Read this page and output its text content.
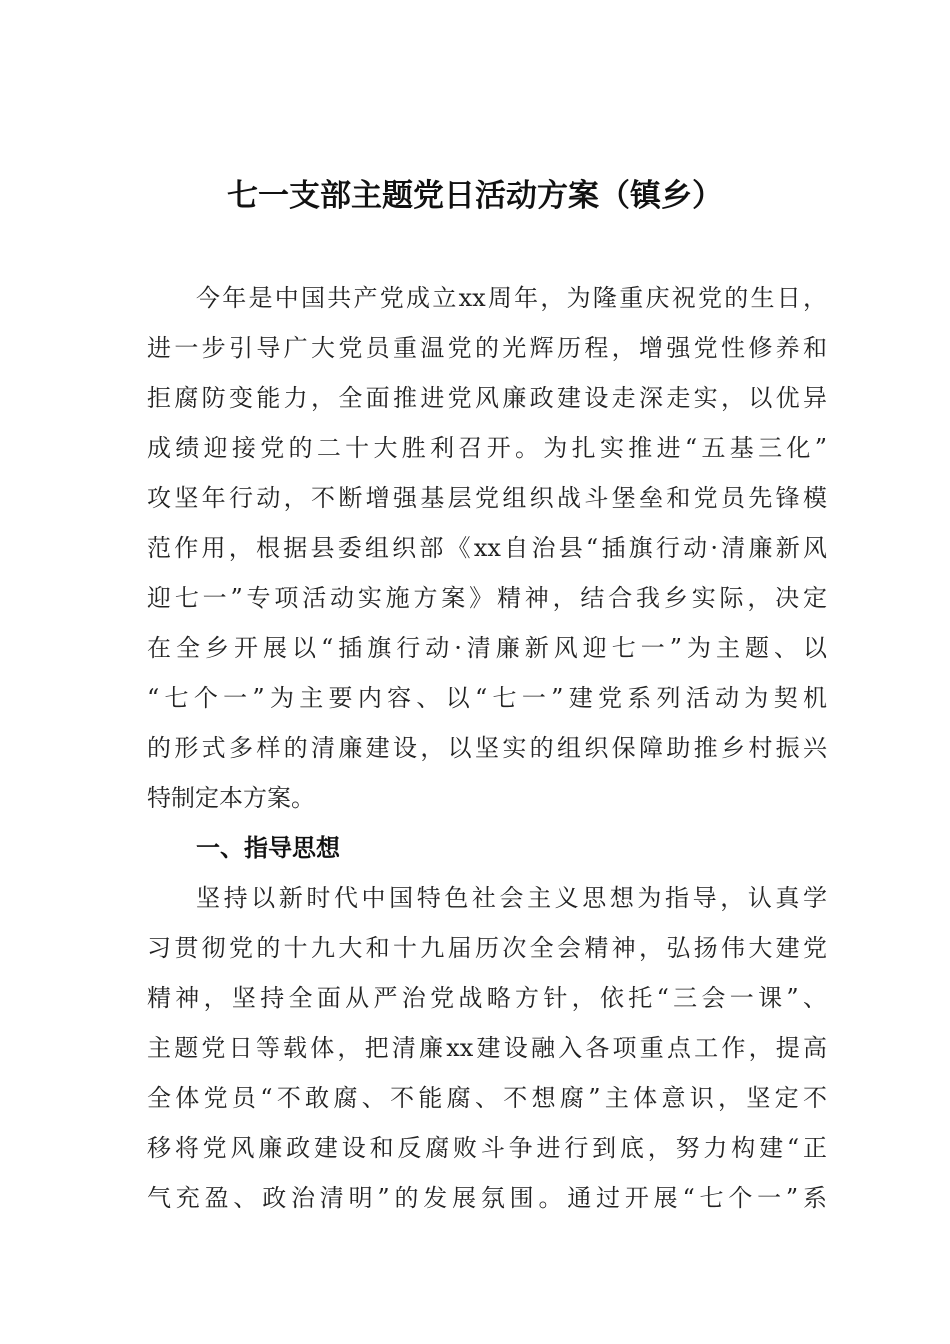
七一支部主题党日活动方案（镇乡）
今年是中国共产党成立xx周年，为隆重庆祝党的生日，
进一步引导广大党员重温党的光辉历程，增强党性修养和
拒腐防变能力，全面推进党风廉政建设走深走实，以优异
成绩迎接党的二十大胜利召开。为扎实推进“五基三化”
攻坚年行动，不断增强基层党组织战斗堡垒和党员先锋模
范作用，根据县委组织部《xx自治县“插旗行动·清廉新风
迎七一”专项活动实施方案》精神，结合我乡实际，决定
在全乡开展以“插旗行动·清廉新风迎七一”为主题、以
“七个一”为主要内容、以“七一”建党系列活动为契机
的形式多样的清廉建设，以坚实的组织保障助推乡村振兴
特制定本方案。
一、指导思想
坚持以新时代中国特色社会主义思想为指导，认真学
习贯彻党的十九大和十九届历次全会精神，弘扬伟大建党
精神，坚持全面从严治党战略方针，依托“三会一课”、
主题党日等载体，把清廉xx建设融入各项重点工作，提高
全体党员“不敢腐、不能腐、不想腐”主体意识，坚定不
移将党风廉政建设和反腐败斗争进行到底，努力构建“正
气充盈、政治清明”的发展氛围。通过开展“七个一”系
